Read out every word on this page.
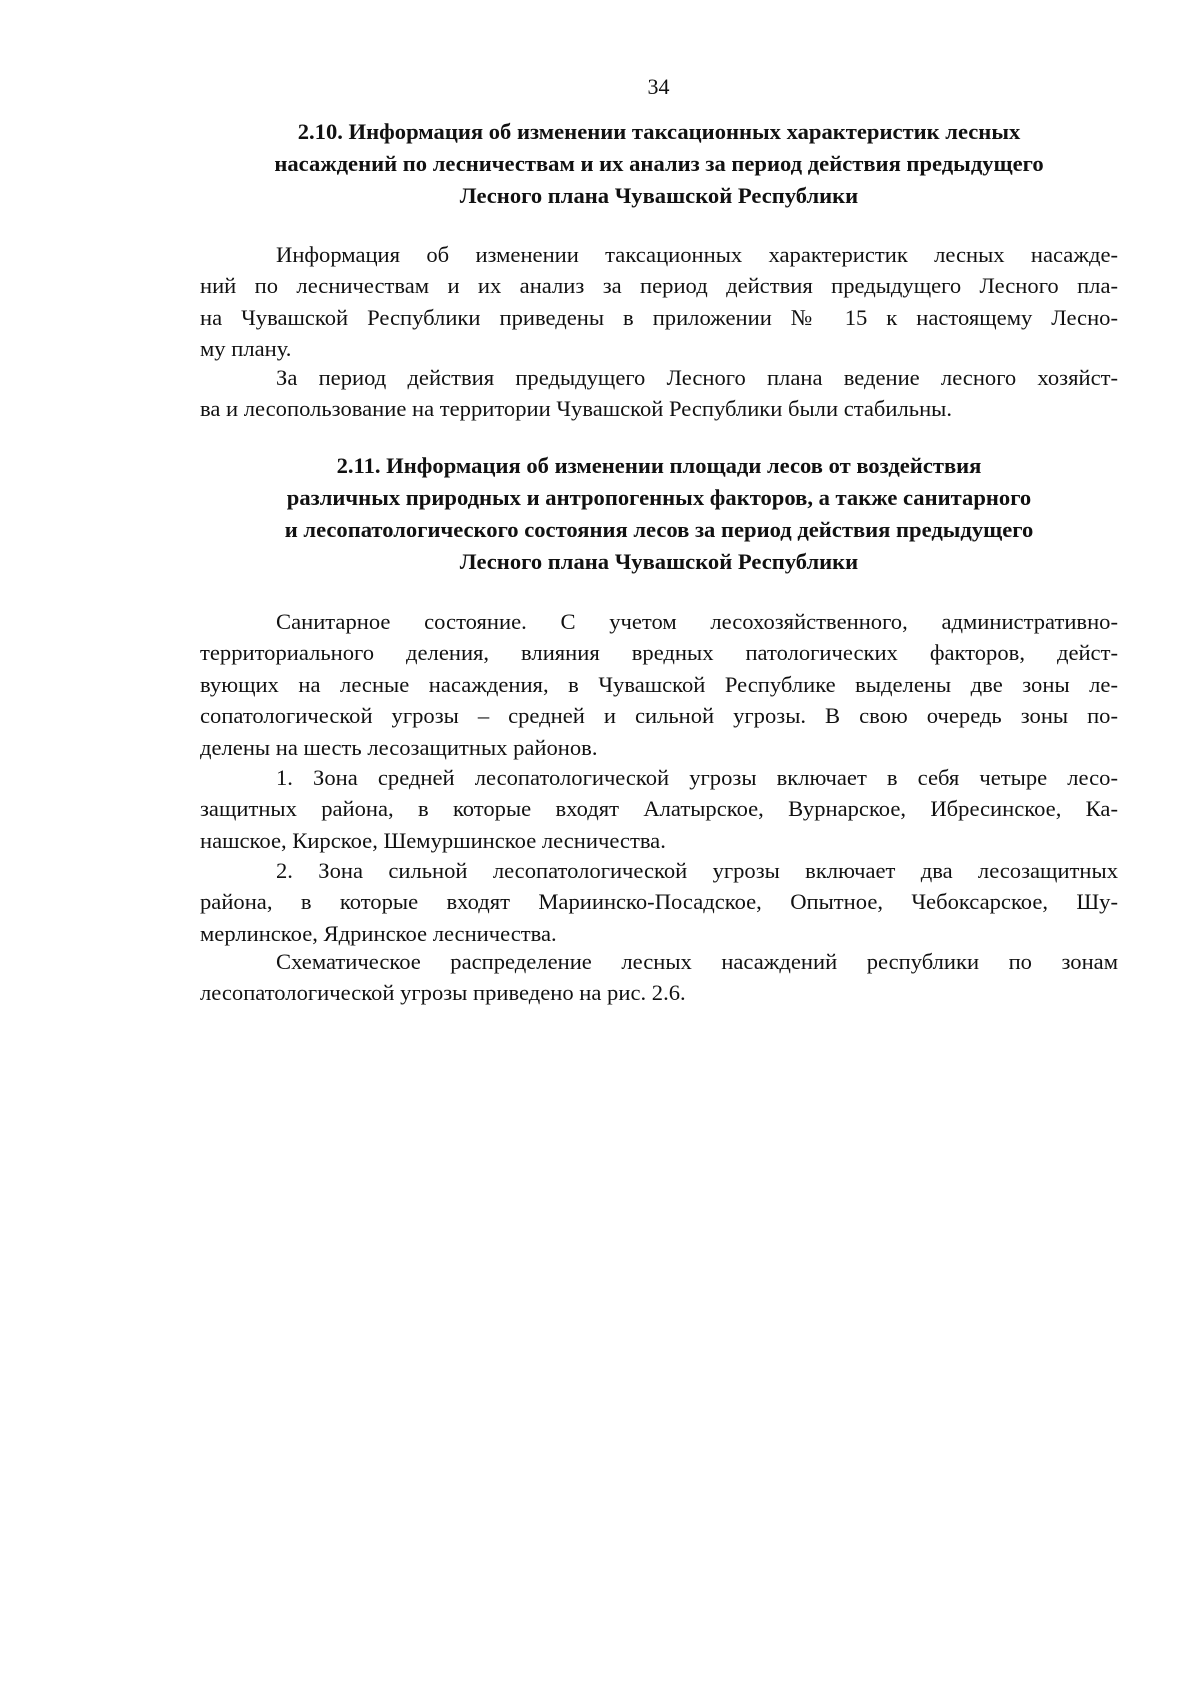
34
2.10. Информация об изменении таксационных характеристик лесных
насаждений по лесничествам и их анализ за период действия предыдущего
Лесного плана Чувашской Республики
Информация об изменении таксационных характеристик лесных насажде-
ний по лесничествам и их анализ за период действия предыдущего Лесного пла-
на Чувашской Республики приведены в приложении № 15 к настоящему Лесно-
му плану.
За период действия предыдущего Лесного плана ведение лесного хозяйст-
ва и лесопользование на территории Чувашской Республики были стабильны.
2.11. Информация об изменении площади лесов от воздействия
различных природных и антропогенных факторов, а также санитарного
и лесопатологического состояния лесов за период действия предыдущего
Лесного плана Чувашской Республики
Санитарное состояние. С учетом лесохозяйственного, административно-
территориального деления, влияния вредных патологических факторов, дейст-
вующих на лесные насаждения, в Чувашской Республике выделены две зоны ле-
сопатологической угрозы – средней и сильной угрозы. В свою очередь зоны по-
делены на шесть лесозащитных районов.
1. Зона средней лесопатологической угрозы включает в себя четыре лесо-
защитных района, в которые входят Алатырское, Вурнарское, Ибресинское, Ка-
нашское, Кирское, Шемуршинское лесничества.
2. Зона сильной лесопатологической угрозы включает два лесозащитных
района, в которые входят Мариинско-Посадское, Опытное, Чебоксарское, Шу-
мерлинское, Ядринское лесничества.
Схематическое распределение лесных насаждений республики по зонам
лесопатологической угрозы приведено на рис. 2.6.
